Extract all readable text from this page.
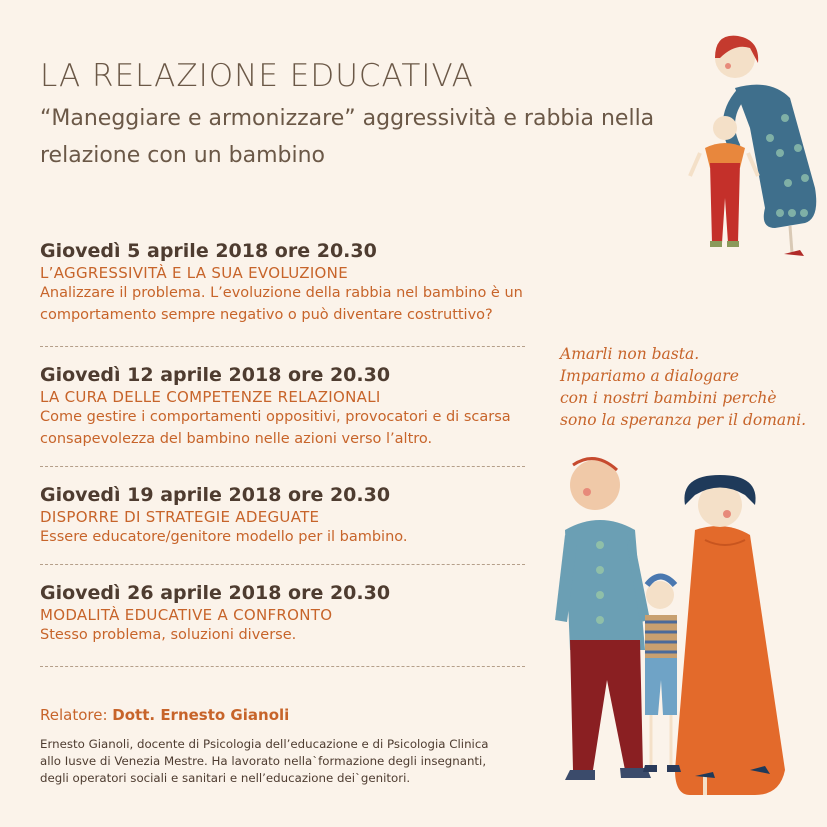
LA RELAZIONE EDUCATIVA
“Maneggiare e armonizzare” aggressività e rabbia nella relazione con un bambino
Giovedì 5 aprile 2018 ore 20.30
L’AGGRESSIVITÀ E LA SUA EVOLUZIONE
Analizzare il problema. L’evoluzione della rabbia nel bambino è un comportamento sempre negativo o può diventare costruttivo?
Giovedì 12 aprile 2018 ore 20.30
LA CURA DELLE COMPETENZE RELAZIONALI
Come gestire i comportamenti oppositivi, provocatori e di scarsa consapevolezza del bambino nelle azioni verso l’altro.
Giovedì 19 aprile 2018 ore 20.30
DISPORRE DI STRATEGIE ADEGUATE
Essere educatore/genitore modello per il bambino.
Giovedì 26 aprile 2018 ore 20.30
MODALITÀ EDUCATIVE A CONFRONTO
Stesso problema, soluzioni diverse.
Amarli non basta.
Impariamo a dialogare
con i nostri bambini perchè
sono la speranza per il domani.
Relatore: Dott. Ernesto Gianoli
Ernesto Gianoli, docente di Psicologia dell’educazione e di Psicologia Clinica allo Iusve di Venezia Mestre. Ha lavorato nella`formazione degli insegnanti, degli operatori sociali e sanitari e nell’educazione dei`genitori.
